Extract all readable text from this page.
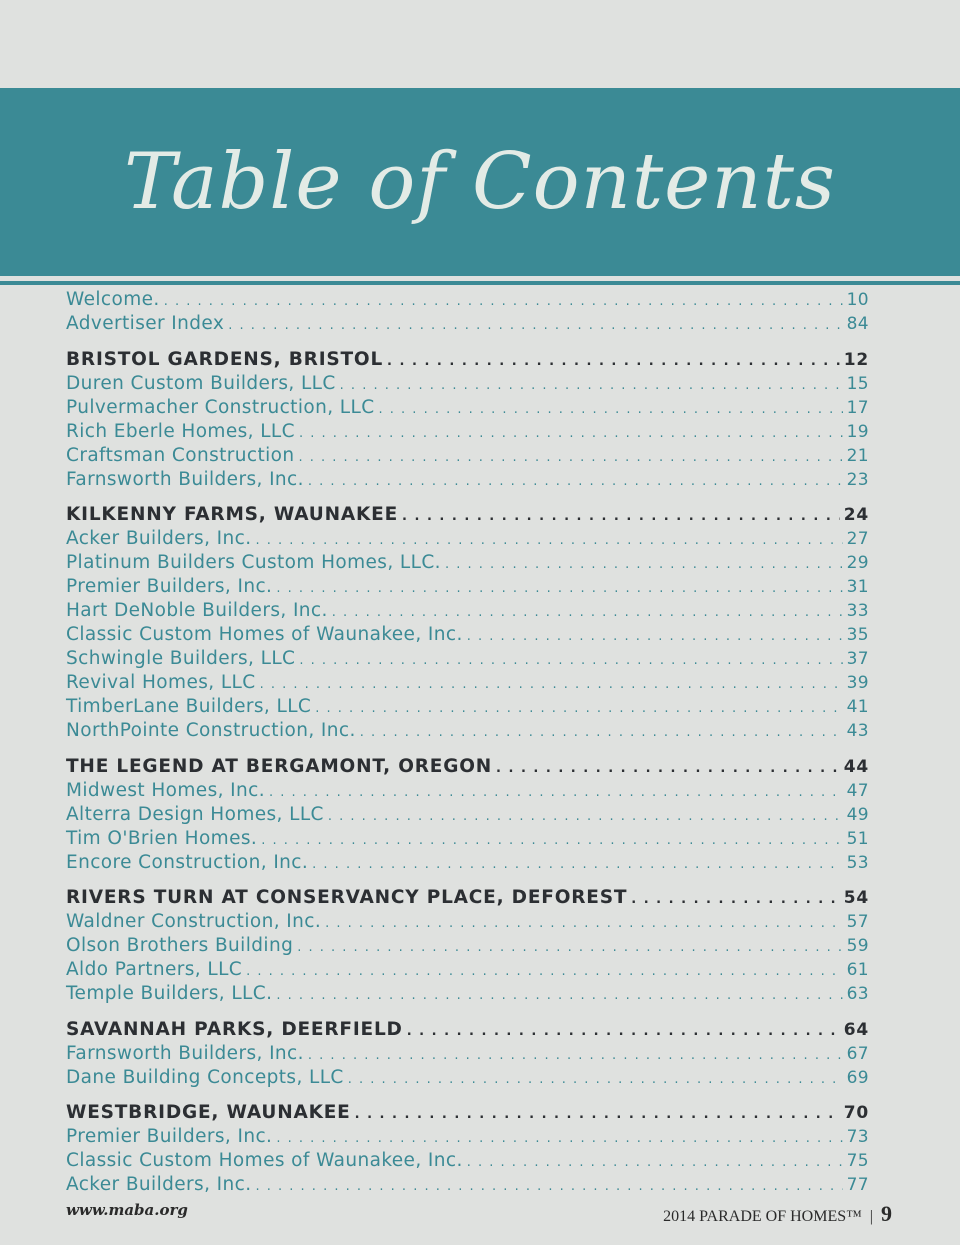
Table of Contents
Welcome. . . .	10
Advertiser Index . . .	84
BRISTOL GARDENS, BRISTOL . . .	12
Duren Custom Builders, LLC . . .	15
Pulvermacher Construction, LLC . . .	17
Rich Eberle Homes, LLC . . .	19
Craftsman Construction . . .	21
Farnsworth Builders, Inc. . . .	23
KILKENNY FARMS, WAUNAKEE . . .	24
Acker Builders, Inc. . . .	27
Platinum Builders Custom Homes, LLC. . . .	29
Premier Builders, Inc. . . .	31
Hart DeNoble Builders, Inc. . . .	33
Classic Custom Homes of Waunakee, Inc. . . .	35
Schwingle Builders, LLC . . .	37
Revival Homes, LLC . . .	39
TimberLane Builders, LLC . . .	41
NorthPointe Construction, Inc. . . .	43
THE LEGEND AT BERGAMONT, OREGON . . .	44
Midwest Homes, Inc. . . .	47
Alterra Design Homes, LLC . . .	49
Tim O'Brien Homes. . . .	51
Encore Construction, Inc. . . .	53
RIVERS TURN AT CONSERVANCY PLACE, DEFOREST . . .	54
Waldner Construction, Inc. . . .	57
Olson Brothers Building . . .	59
Aldo Partners, LLC . . .	61
Temple Builders, LLC. . . .	63
SAVANNAH PARKS, DEERFIELD . . .	64
Farnsworth Builders, Inc. . . .	67
Dane Building Concepts, LLC . . .	69
WESTBRIDGE, WAUNAKEE . . .	70
Premier Builders, Inc. . . .	73
Classic Custom Homes of Waunakee, Inc. . . .	75
Acker Builders, Inc. . . .	77
www.maba.org	2014 PARADE OF HOMES™ | 9
